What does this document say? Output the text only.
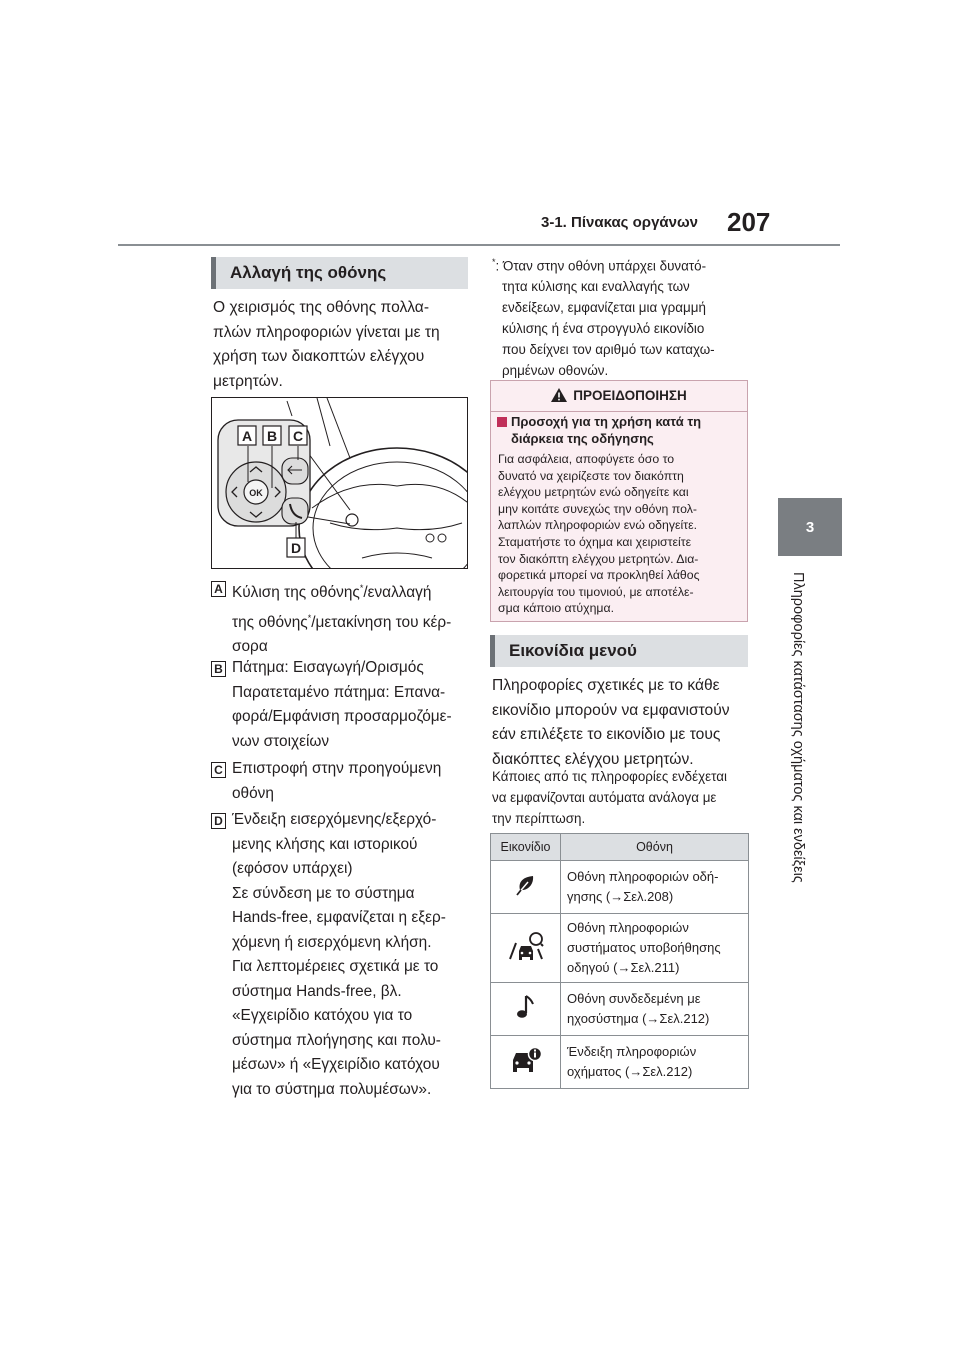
3-1. Πίνακας οργάνων 207
3
Πληροφορίες κατάστασης οχήματος και ενδείξεις
Αλλαγή της οθόνης
Ο χειρισμός της οθόνης πολλα-
πλών πληροφοριών γίνεται με τη
χρήση των διακοπτών ελέγχου
μετρητών.
OK
A B C
D
A Κύλιση της οθόνης*/εναλλαγή
της οθόνης*/μετακίνηση του κέρ-
σορα
B Πάτημα: Εισαγωγή/Ορισμός
Παρατεταμένο πάτημα: Επανα-
φορά/Εμφάνιση προσαρμοζόμε-
νων στοιχείων
C Επιστροφή στην προηγούμενη
οθόνη
D Ένδειξη εισερχόμενης/εξερχό-
μενης κλήσης και ιστορικού
(εφόσον υπάρχει)
Σε σύνδεση με το σύστημα
Hands-free, εμφανίζεται η εξερ-
χόμενη ή εισερχόμενη κλήση.
Για λεπτομέρειες σχετικά με το
σύστημα Hands-free, βλ.
«Εγχειρίδιο κατόχου για το
σύστημα πλοήγησης και πολυ-
μέσων» ή «Εγχειρίδιο κατόχου
για το σύστημα πολυμέσων».
*: Όταν στην οθόνη υπάρχει δυνατό-
τητα κύλισης και εναλλαγής των
ενδείξεων, εμφανίζεται μια γραμμή
κύλισης ή ένα στρογγυλό εικονίδιο
που δείχνει τον αριθμό των καταχω-
ρημένων οθονών.
ΠΡΟΕΙΔΟΠΟΙΗΣΗ
Προσοχή για τη χρήση κατά τη
διάρκεια της οδήγησης
Για ασφάλεια, αποφύγετε όσο το
δυνατό να χειρίζεστε τον διακόπτη
ελέγχου μετρητών ενώ οδηγείτε και
μην κοιτάτε συνεχώς την οθόνη πολ-
λαπλών πληροφοριών ενώ οδηγείτε.
Σταματήστε το όχημα και χειριστείτε
τον διακόπτη ελέγχου μετρητών. Δια-
φορετικά μπορεί να προκληθεί λάθος
λειτουργία του τιμονιού, με αποτέλε-
σμα κάποιο ατύχημα.
Εικονίδια μενού
Πληροφορίες σχετικές με το κάθε
εικονίδιο μπορούν να εμφανιστούν
εάν επιλέξετε το εικονίδιο με τους
διακόπτες ελέγχου μετρητών.
Κάποιες από τις πληροφορίες ενδέχεται
να εμφανίζονται αυτόματα ανάλογα με
την περίπτωση.
Εικονίδιο	Οθόνη

Οθόνη πληροφοριών οδή-
γησης (→Σελ.208)

Οθόνη πληροφοριών
συστήματος υποβοήθησης
οδηγού (→Σελ.211)

Οθόνη συνδεδεμένη με
ηχοσύστημα (→Σελ.212)

Ένδειξη πληροφοριών
οχήματος (→Σελ.212)
